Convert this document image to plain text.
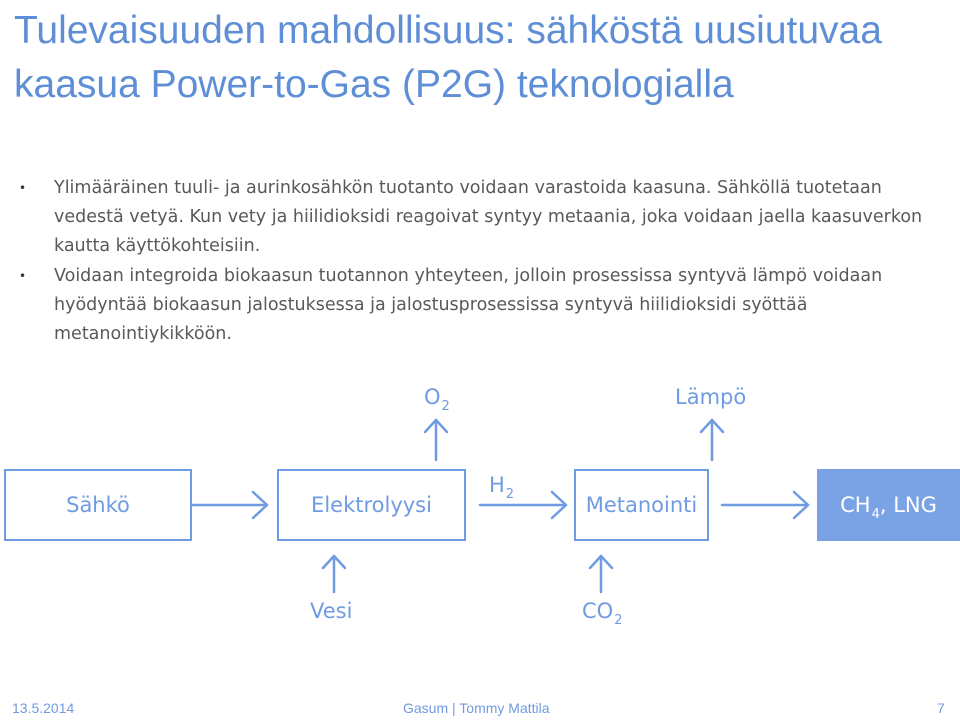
Tulevaisuuden mahdollisuus: sähköstä uusiutuvaa kaasua Power-to-Gas (P2G) teknologialla
• Ylimääräinen tuuli- ja aurinkosähkön tuotanto voidaan varastoida kaasuna. Sähköllä tuotetaan vedestä vetyä. Kun vety ja hiilidioksidi reagoivat syntyy metaania, joka voidaan jaella kaasuverkon kautta käyttökohteisiin.
• Voidaan integroida biokaasun tuotannon yhteyteen, jolloin prosessissa syntyvä lämpö voidaan hyödyntää biokaasun jalostuksessa ja jalostusprosessissa syntyvä hiilidioksidi syöttää metanointiykikköön.
Sähkö	Elektrolyysi	Metanointi	$CH_4$, LNG
$O_2$	Lämpö
$H_2$
Vesi	$CO_2$
13.5.2014	Gasum | Tommy Mattila	7
